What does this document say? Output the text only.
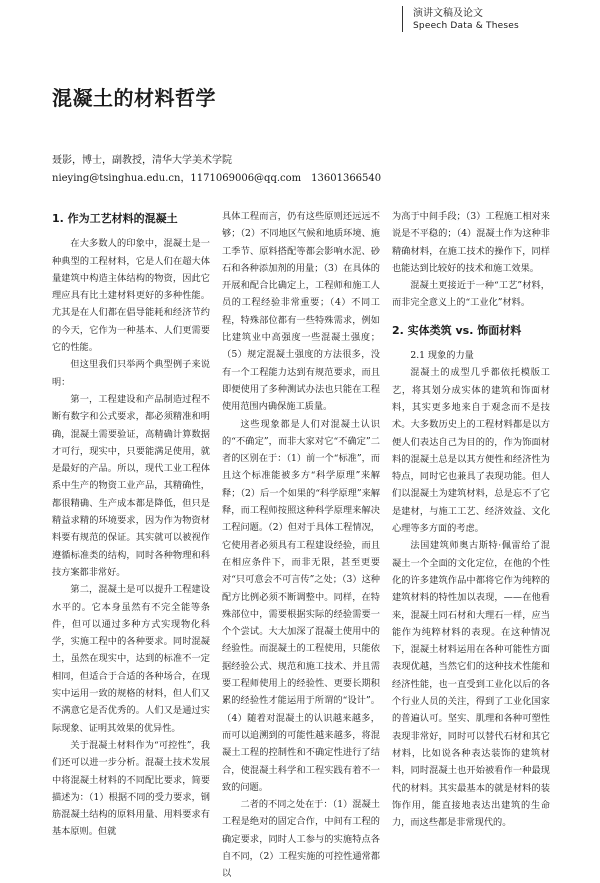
演讲文稿及论文
Speech Data & Theses
混凝土的材料哲学
聂影，博士，副教授，清华大学美术学院
nieying@tsinghua.edu.cn，1171069006@qq.com　13601366540
1. 作为工艺材料的混凝土

在大多数人的印象中，混凝土是一种典型的工程材料，它是人们在超大体量建筑中构造主体结构的物资，因此它理应具有比土建材料更好的多种性能。尤其是在人们都在倡导能耗和经济节约的今天，它作为一种基本、人们更需要它的性能。

但这里我们只举两个典型例子来说明：

第一，工程建设和产品制造过程不断有数字和公式要求，都必须精准和明确，混凝土需要验证，高精确计算数据才可行，现实中，只要能满足使用，就是最好的产品。所以，现代工业工程体系中生产的物资工业产品，其精确性，都很精确、生产成本都是降低，但只是精益求精的环境要求，因为作为物资材料要有规范的保证。其实就可以被视作遵循标准类的结构，同时各种物理和科技方案都非常好。

第二，混凝土是可以提升工程建设水平的。它本身虽然有不完全能等条件，但可以通过多种方式实现物化科学，实施工程中的各种要求。同时混凝土，虽然在现实中，达到的标准不一定相同，但适合于合适的各种场合，在现实中运用一致的规格的材料，但人们又不满意它是否优秀的。人们又是通过实际现象、证明其效果的优异性。

关于混凝土材料作为“可控性”，我们还可以进一步分析。混凝土技术发展中将混凝土材料的不同配比要求，简要描述为：（1）根据不同的受力要求，钢筋混凝土结构的原料用量、用料要求有基本原则。但就

具体工程而言，仍有这些原则还远远不够；（2）不同地区气候和地质环境、施工季节、原料搭配等都会影响水泥、砂石和各种添加剂的用量；（3）在具体的开展和配合比确定上，工程师和施工人员的工程经验非常重要；（4）不同工程，特殊部位都有一些特殊需求，例如比建筑业中高强度一些混凝土强度；（5）规定混凝土强度的方法很多，没有一个工程能力达到有规范要求，而且即便使用了多种测试办法也只能在工程使用范围内确保施工质量。

这些现象都是人们对混凝土认识的“不确定”，而非大家对它“不确定”二者的区别在于：（1）前一个“标准”，而且这个标准能被多方“科学原理”来解释；（2）后一个如果的“科学原理”来解释，而工程师按照这种科学原理来解决工程问题。（2）但对于具体工程情况，它使用者必须具有工程建设经验，而且在相应条件下，而非无限，甚至更要对“只可意会不可言传”之处；（3）这种配方比例必须不断调整中。同样，在特殊部位中，需要根据实际的经验需要一个个尝试。大大加深了混凝土使用中的经验性。而混凝土的工程使用，只能依据经验公式、规范和施工技术、并且需要工程师使用上的经验性、更要长期积累的经验性才能运用于所谓的“设计”。（4）随着对混凝土的认识越来越多，而可以追溯到的可能性越来越多，将混凝土工程的控制性和不确定性进行了结合，使混凝土科学和工程实践有着不一致的问题。

二者的不同之处在于：（1）混凝土工程是绝对的固定合作，中间有工程的确定要求，同时人工参与的实施特点各自不同，（2）工程实施的可控性通常都以

为高于中间手段；（3）工程施工相对来说是不平稳的；（4）混凝土作为这种非精确材料，在施工技术的操作下，同样也能达到比较好的技术和施工效果。

混凝土更接近于一种“工艺”材料，而非完全意义上的“工业化”材料。

2. 实体类筑 vs. 饰面材料
2.1 现象的力量

混凝土的成型几乎都依托模版工艺，将其划分成实体的建筑和饰面材料，其实更多地来自于观念而不是技术。大多数历史上的工程材料都是以方便人们表达自己为目的的，作为饰面材料的混凝土总是以其方便性和经济性为特点，同时它也兼具了表现功能。但人们以混凝土为建筑材料，总是忘不了它是建材，与施工工艺、经济效益、文化心理等多方面的考虑。

法国建筑师奥古斯特·佩雷给了混凝土一个全面的文化定位，在他的个性化的许多建筑作品中都将它作为纯粹的建筑材料的特性加以表现，——在他看来，混凝土同石材和大理石一样，应当能作为纯粹材料的表现。在这种情况下，混凝土材料运用在各种可能性方面表现优越，当然它们的这种技术性能和经济性能，也一直受到工业化以后的各个行业人员的关注，得到了工业化国家的普遍认可。坚实、肌理和各种可塑性表现非常好，同时可以替代石材和其它材料，比如说各种表达装饰的建筑材料，同时混凝土也开始被看作一种最现代的材料。其实最基本的就是材料的装饰作用，能直接地表达出建筑的生命力，而这些都是非常现代的。
